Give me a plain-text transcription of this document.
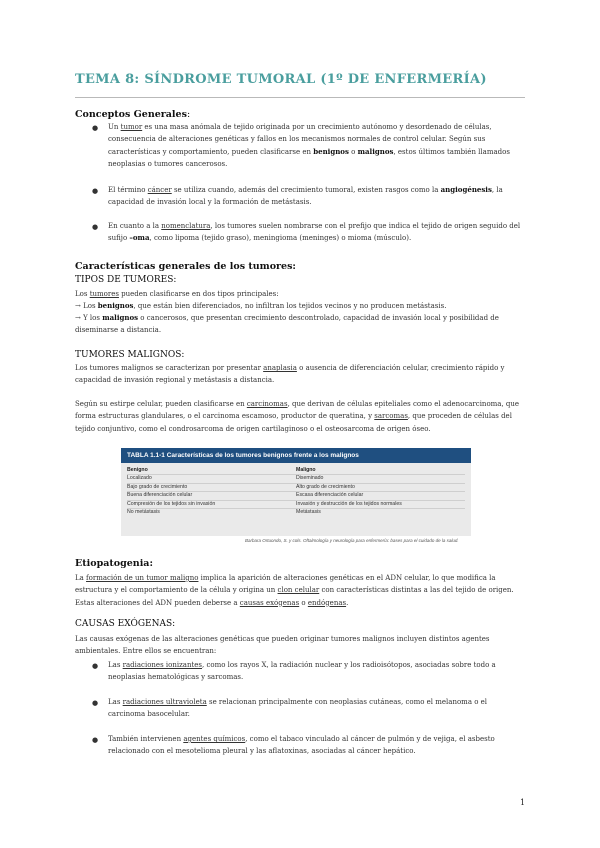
TEMA 8: SÍNDROME TUMORAL (1º DE ENFERMERÍA)
Conceptos Generales:
● Un tumor es una masa anómala de tejido originada por un crecimiento autónomo y desordenado de células, consecuencia de alteraciones genéticas y fallos en los mecanismos normales de control celular. Según sus características y comportamiento, pueden clasificarse en benignos o malignos, estos últimos también llamados neoplasias o tumores cancerosos.
● El término cáncer se utiliza cuando, además del crecimiento tumoral, existen rasgos como la angiogénesis, la capacidad de invasión local y la formación de metástasis.
● En cuanto a la nomenclatura, los tumores suelen nombrarse con el prefijo que indica el tejido de origen seguido del sufijo –oma, como lipoma (tejido graso), meningioma (meninges) o mioma (músculo).
Características generales de los tumores:
TIPOS DE TUMORES:
Los tumores pueden clasificarse en dos tipos principales:
→ Los benignos, que están bien diferenciados, no infiltran los tejidos vecinos y no producen metástasis.
→ Y los malignos o cancerosos, que presentan crecimiento descontrolado, capacidad de invasión local y posibilidad de diseminarse a distancia.
TUMORES MALIGNOS:
Los tumores malignos se caracterizan por presentar anaplasia o ausencia de diferenciación celular, crecimiento rápido y capacidad de invasión regional y metástasis a distancia.
Según su estirpe celular, pueden clasificarse en carcinomas, que derivan de células epiteliales como el adenocarcinoma, que forma estructuras glandulares, o el carcinoma escamoso, productor de queratina, y sarcomas, que proceden de células del tejido conjuntivo, como el condrosarcoma de origen cartilaginoso o el osteosarcoma de origen óseo.
TABLA 1.1-1 Características de los tumores benignos frente a los malignos
Benigno	Maligno
Localizado	Diseminado
Bajo grado de crecimiento	Alto grado de crecimiento
Buena diferenciación celular	Escasa diferenciación celular
Compresión de los tejidos sin invasión	Invasión y destrucción de los tejidos normales
No metástasis	Metástasis
Barbara Ortuondo, S. y cols. Oftalmología y neurología para enfermería: bases para el cuidado de la salud.
Etiopatogenia:
La formación de un tumor maligno implica la aparición de alteraciones genéticas en el ADN celular, lo que modifica la estructura y el comportamiento de la célula y origina un clon celular con características distintas a las del tejido de origen. Estas alteraciones del ADN pueden deberse a causas exógenas o endógenas.
CAUSAS EXÓGENAS:
Las causas exógenas de las alteraciones genéticas que pueden originar tumores malignos incluyen distintos agentes ambientales. Entre ellos se encuentran:
● Las radiaciones ionizantes, como los rayos X, la radiación nuclear y los radioisótopos, asociadas sobre todo a neoplasias hematológicas y sarcomas.
● Las radiaciones ultravioleta se relacionan principalmente con neoplasias cutáneas, como el melanoma o el carcinoma basocelular.
● También intervienen agentes químicos, como el tabaco vinculado al cáncer de pulmón y de vejiga, el asbesto relacionado con el mesotelioma pleural y las aflatoxinas, asociadas al cáncer hepático.
1
